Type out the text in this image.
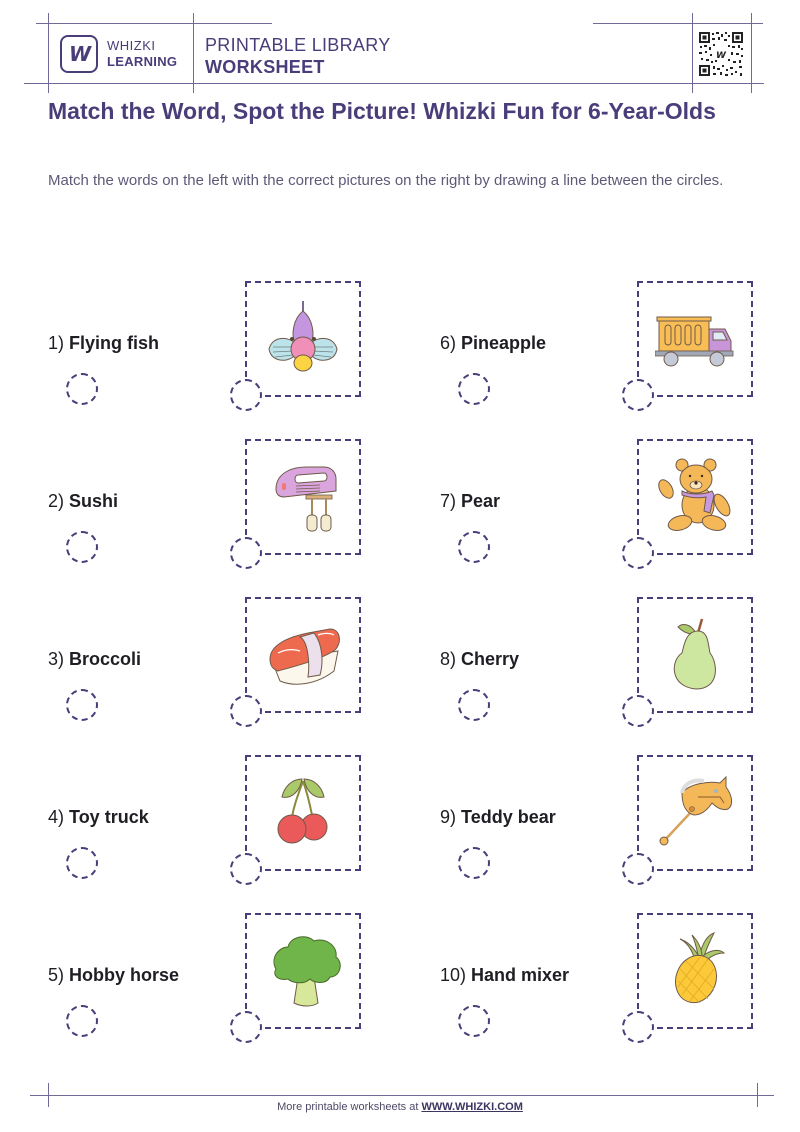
W WHIZKI
LEARNING
PRINTABLE LIBRARY
WORKSHEET
W
Match the Word, Spot the Picture! Whizki Fun for 6-Year-Olds
Match the words on the left with the correct pictures on the right by drawing a line between the circles.
1) Flying fish
2) Sushi
3) Broccoli
4) Toy truck
5) Hobby horse
6) Pineapple
7) Pear
8) Cherry
9) Teddy bear
10) Hand mixer
More printable worksheets at WWW.WHIZKI.COM
